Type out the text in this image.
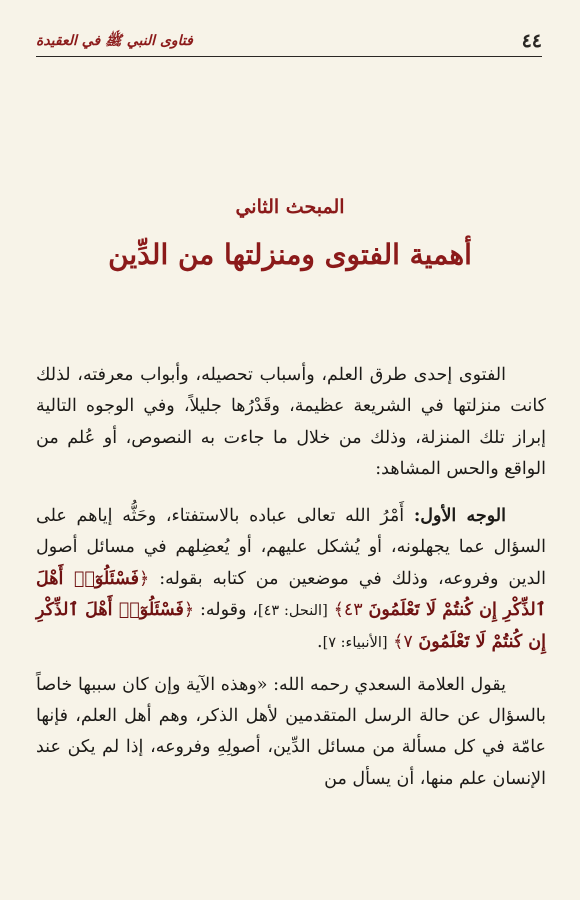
٤٤
فتاوى النبي ﷺ في العقيدة
المبحث الثاني
أهمية الفتوى ومنزلتها من الدِّين

الفتوى إحدى طرق العلم، وأسباب تحصيله، وأبواب معرفته، لذلك كانت منزلتها في الشريعة عظيمة، وقَدْرُها جليلاً، وفي الوجوه التالية إبراز تلك المنزلة، وذلك من خلال ما جاءت به النصوص، أو عُلم من الواقع والحس المشاهد:

الوجه الأول: أَمْرُ الله تعالى عباده بالاستفتاء، وحَثُّه إياهم على السؤال عما يجهلونه، أو يُشكل عليهم، أو يُعضِلهم في مسائل أصول الدين وفروعه، وذلك في موضعين من كتابه بقوله: ﴿فَسْئَلُوٓا۟ أَهْلَ ٱلذِّكْرِ إِن كُنتُمْ لَا تَعْلَمُونَ ٤٣﴾ [النحل: ٤٣]، وقوله: ﴿فَسْئَلُوٓا۟ أَهْلَ ٱلذِّكْرِ إِن كُنتُمْ لَا تَعْلَمُونَ ٧﴾ [الأنبياء: ٧].

يقول العلامة السعدي رحمه الله: «وهذه الآية وإن كان سببها خاصاً بالسؤال عن حالة الرسل المتقدمين لأهل الذكر، وهم أهل العلم، فإنها عامّة في كل مسألة من مسائل الدِّين، أصولِهِ وفروعه، إذا لم يكن عند الإنسان علم منها، أن يسأل من
